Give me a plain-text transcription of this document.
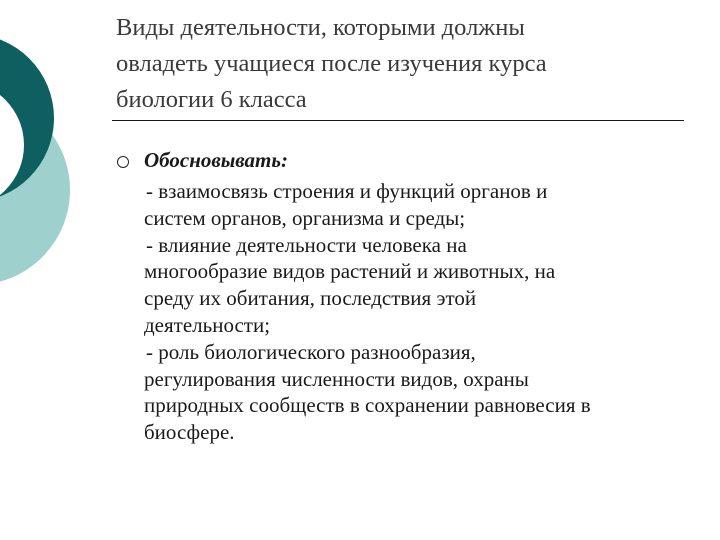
Виды деятельности, которыми должны
овладеть учащиеся после изучения курса
биологии 6 класса
Обосновывать:
- взаимосвязь строения и функций органов и
систем органов, организма и среды;
- влияние деятельности человека на
многообразие видов растений и животных, на
среду их обитания, последствия этой
деятельности;
- роль биологического разнообразия,
регулирования численности видов, охраны
природных сообществ в сохранении равновесия в
биосфере.
